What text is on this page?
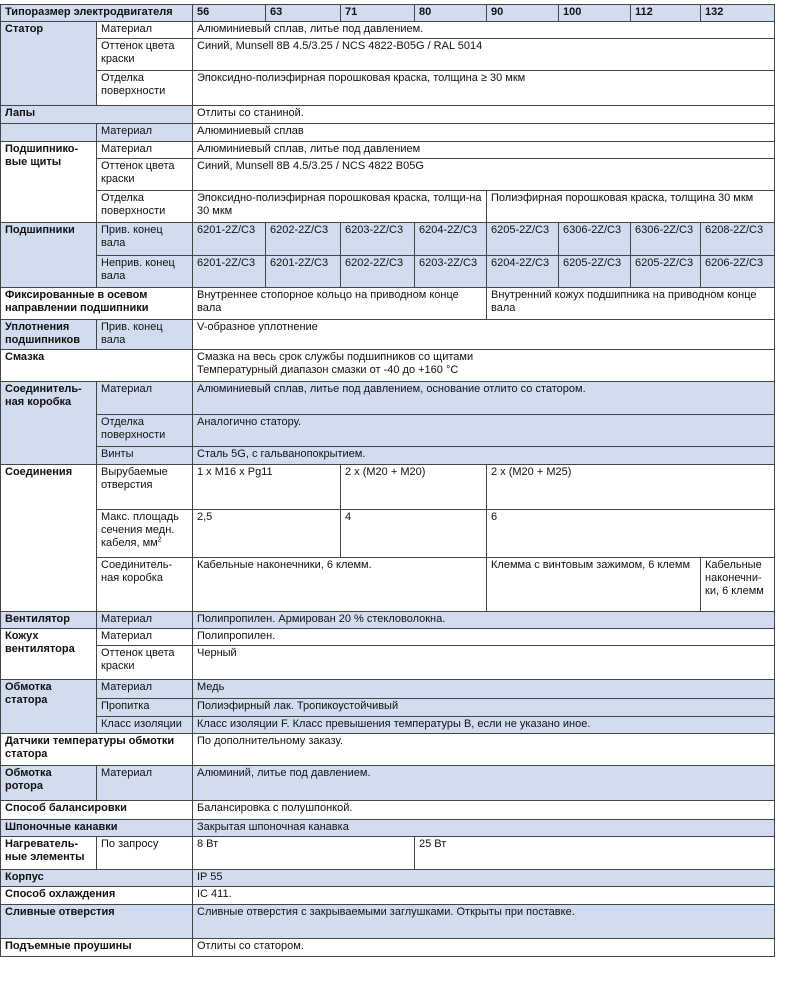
Типоразмер электродвигателя		56	63	71	80	90	100	112	132
Статор	Материал	Алюминиевый сплав, литье под давлением.							
	Оттенок цвета краски	Синий, Munsell 8B 4.5/3.25 / NCS 4822-B05G / RAL 5014							
	Отделка поверхности	Эпоксидно-полиэфирная порошковая краска, толщина ≥ 30 мкм							
Лапы		Отлиты со станиной.							
	Материал	Алюминиевый сплав							
Подшипнико-вые щиты	Материал	Алюминиевый сплав, литье под давлением							
	Оттенок цвета краски	Синий, Munsell 8B 4.5/3.25 / NCS 4822 B05G							
	Отделка поверхности	Эпоксидно-полиэфирная порошковая краска, толщи-на 30 мкм				Полиэфирная порошковая краска, толщина 30 мкм			
Подшипники	Прив. конец вала	6201-2Z/C3	6202-2Z/C3	6203-2Z/C3	6204-2Z/C3	6205-2Z/C3	6306-2Z/C3	6306-2Z/C3	6208-2Z/C3
	Неприв. конец вала	6201-2Z/C3	6201-2Z/C3	6202-2Z/C3	6203-2Z/C3	6204-2Z/C3	6205-2Z/C3	6205-2Z/C3	6206-2Z/C3
Фиксированные в осевом направлении подшипники		Внутреннее стопорное кольцо на приводном конце вала				Внутренний кожух подшипника на приводном конце вала			
Уплотнения подшипников	Прив. конец вала	V-образное уплотнение							
Смазка		Смазка на весь срок службы подшипников со щитами
Температурный диапазон смазки от -40 до +160 °C							

Соединитель-ная коробка	Материал	Алюминиевый сплав, литье под давлением, основание отлито со статором.							
	Отделка поверхности	Аналогично статору.							
	Винты	Сталь 5G, с гальванопокрытием.							
Соединения	Вырубаемые отверстия	1 x M16 x Pg11		2 x (M20 + M20)		2 x (M20 + M25)			
	Макс. площадь сечения медн. кабеля, $мм^2$	2,5		4		6			
	Соединитель-ная коробка	Кабельные наконечники, 6 клемм.				Клемма с винтовым зажимом, 6 клемм			Кабельные наконечни-ки, 6 клемм
Вентилятор	Материал	Полипропилен. Армирован 20 % стекловолокна.							
Кожух вентилятора	Материал	Полипропилен.							
	Оттенок цвета краски	Черный							
Обмотка статора	Материал	Медь							
	Пропитка	Полиэфирный лак. Тропикоустойчивый							
	Класс изоляции	Класс изоляции F. Класс превышения температуры B, если не указано иное.							
Датчики температуры обмотки статора		По дополнительному заказу.							
Обмотка ротора	Материал	Алюминий, литье под давлением.							
Способ балансировки		Балансировка с полушпонкой.							
Шпоночные канавки		Закрытая шпоночная канавка							
Нагреватель-ные элементы	По запросу	8 Вт			25 Вт				
Корпус		IP 55							
Способ охлаждения		IC 411.							
Сливные отверстия		Сливные отверстия с закрываемыми заглушками. Открыты при поставке.							
Подъемные проушины		Отлиты со статором.							
